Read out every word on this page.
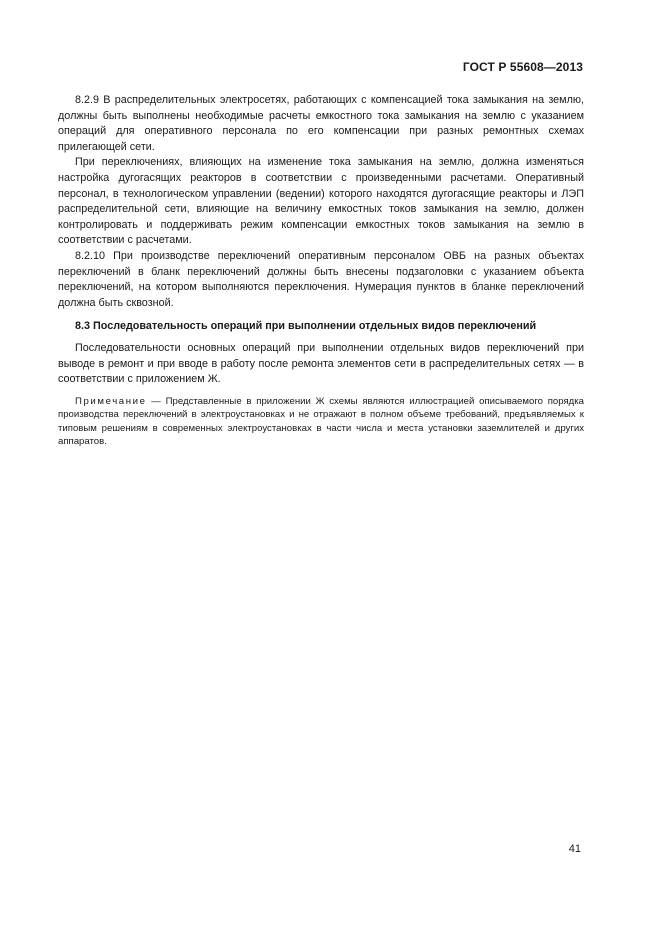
ГОСТ Р 55608—2013

8.2.9 В распределительных электросетях, работающих с компенсацией тока замыкания на землю, должны быть выполнены необходимые расчеты емкостного тока замыкания на землю с указанием операций для оперативного персонала по его компенсации при разных ремонтных схемах прилегающей сети.

При переключениях, влияющих на изменение тока замыкания на землю, должна изменяться настройка дугогасящих реакторов в соответствии с произведенными расчетами. Оперативный персонал, в технологическом управлении (ведении) которого находятся дугогасящие реакторы и ЛЭП распределительной сети, влияющие на величину емкостных токов замыкания на землю, должен контролировать и поддерживать режим компенсации емкостных токов замыкания на землю в соответствии с расчетами.

8.2.10 При производстве переключений оперативным персоналом ОВБ на разных объектах переключений в бланк переключений должны быть внесены подзаголовки с указанием объекта переключений, на котором выполняются переключения. Нумерация пунктов в бланке переключений должна быть сквозной.

8.3 Последовательность операций при выполнении отдельных видов переключений

Последовательности основных операций при выполнении отдельных видов переключений при выводе в ремонт и при вводе в работу после ремонта элементов сети в распределительных сетях — в соответствии с приложением Ж.

Примечание — Представленные в приложении Ж схемы являются иллюстрацией описываемого порядка производства переключений в электроустановках и не отражают в полном объеме требований, предъявляемых к типовым решениям в современных электроустановках в части числа и места установки заземлителей и других аппаратов.

41
